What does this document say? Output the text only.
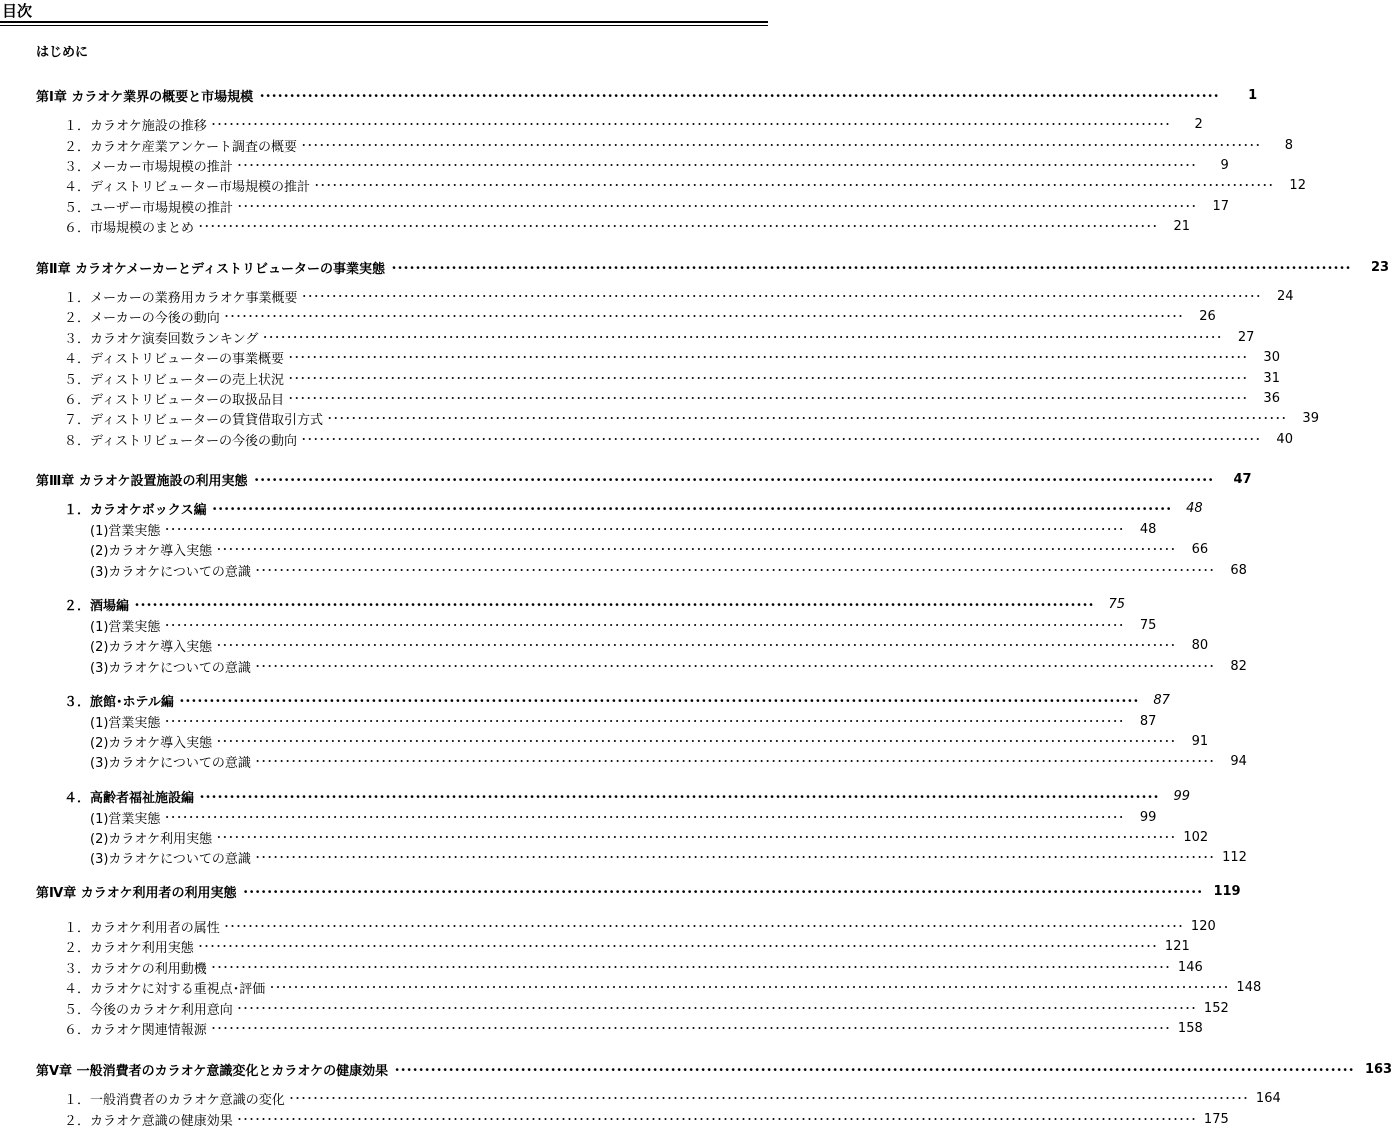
目次
はじめに
第Ⅰ章 カラオケ業界の概要と市場規模 ････････････････････････････････････････････････････････････････････････････････････････････････････････････････････････････････････････････････････････････････	1
１．カラオケ施設の推移 ････････････････････････････････････････････････････････････････････････････････････････････････････････････････････････････････････････････････････････････････	2
２．カラオケ産業アンケート調査の概要 ････････････････････････････････････････････････････････････････････････････････････････････････････････････････････････････････････････････････････････････････	8
３．メーカー市場規模の推計 ････････････････････････････････････････････････････････････････････････････････････････････････････････････････････････････････････････････････････････････････	9
４．ディストリビューター市場規模の推計 ････････････････････････････････････････････････････････････････････････････････････････････････････････････････････････････････････････････････････････････････	12
５．ユーザー市場規模の推計 ････････････････････････････････････････････････････････････････････････････････････････････････････････････････････････････････････････････････････････････････	17
６．市場規模のまとめ ････････････････････････････････････････････････････････････････････････････････････････････････････････････････････････････････････････････････････････････････	21
第Ⅱ章 カラオケメーカーとディストリビューターの事業実態 ････････････････････････････････････････････････････････････････････････････････････････････････････････････････････････････････････････････････････････････････	23
１．メーカーの業務用カラオケ事業概要 ････････････････････････････････････････････････････････････････････････････････････････････････････････････････････････････････････････････････････････････････	24
２．メーカーの今後の動向 ････････････････････････････････････････････････････････････････････････････････････････････････････････････････････････････････････････････････････････････････	26
３．カラオケ演奏回数ランキング ････････････････････････････････････････････････････････････････････････････････････････････････････････････････････････････････････････････････････････････････	27
４．ディストリビューターの事業概要 ････････････････････････････････････････････････････････････････････････････････････････････････････････････････････････････････････････････････････････････････	30
５．ディストリビューターの売上状況 ････････････････････････････････････････････････････････････････････････････････････････････････････････････････････････････････････････････････････････････････	31
６．ディストリビューターの取扱品目 ････････････････････････････････････････････････････････････････････････････････････････････････････････････････････････････････････････････････････････････････	36
７．ディストリビューターの賃貸借取引方式 ････････････････････････････････････････････････････････････････････････････････････････････････････････････････････････････････････････････････････････････････	39
８．ディストリビューターの今後の動向 ････････････････････････････････････････････････････････････････････････････････････････････････････････････････････････････････････････････････････････････････	40
第Ⅲ章 カラオケ設置施設の利用実態 ････････････････････････････････････････････････････････････････････････････････････････････････････････････････････････････････････････････････････････････････	47
１．カラオケボックス編 ････････････････････････････････････････････････････････････････････････････････････････････････････････････････････････････････････････････････････････････････	48
(1)営業実態 ････････････････････････････････････････････････････････････････････････････････････････････････････････････････････････････････････････････････････････････････	48
(2)カラオケ導入実態 ････････････････････････････････････････････････････････････････････････････････････････････････････････････････････････････････････････････････････････････････	66
(3)カラオケについての意識 ････････････････････････････････････････････････････････････････････････････････････････････････････････････････････････････････････････････････････････････････	68
２．酒場編 ････････････････････････････････････････････････････････････････････････････････････････････････････････････････････････････････････････････････････････････････	75
(1)営業実態 ････････････････････････････････････････････････････････････････････････････････････････････････････････････････････････････････････････････････････････････････	75
(2)カラオケ導入実態 ････････････････････････････････････････････････････････････････････････････････････････････････････････････････････････････････････････････････････････････････	80
(3)カラオケについての意識 ････････････････････････････････････････････････････････････････････････････････････････････････････････････････････････････････････････････････････････････････	82
３．旅館･ホテル編 ････････････････････････････････････････････････････････････････････････････････････････････････････････････････････････････････････････････････････････････････	87
(1)営業実態 ････････････････････････････････････････････････････････････････････････････････････････････････････････････････････････････････････････････････････････････････	87
(2)カラオケ導入実態 ････････････････････････････････････････････････････････････････････････････････････････････････････････････････････････････････････････････････････････････････	91
(3)カラオケについての意識 ････････････････････････････････････････････････････････････････････････････････････････････････････････････････････････････････････････････････････････････････	94
４．高齢者福祉施設編 ････････････････････････････････････････････････････････････････････････････････････････････････････････････････････････････････････････････････････････････････	99
(1)営業実態 ････････････････････････････････････････････････････････････････････････････････････････････････････････････････････････････････････････････････････････････････	99
(2)カラオケ利用実態 ････････････････････････････････････････････････････････････････････････････････････････････････････････････････････････････････････････････････････････････････ 102
(3)カラオケについての意識 ････････････････････････････････････････････････････････････････････････････････････････････････････････････････････････････････････････････････････････････････ 112
第Ⅳ章 カラオケ利用者の利用実態 ････････････････････････････････････････････････････････････････････････････････････････････････････････････････････････････････････････････････････････････････ 119
１．カラオケ利用者の属性 ････････････････････････････････････････････････････････････････････････････････････････････････････････････････････････････････････････････････････････････････ 120
２．カラオケ利用実態 ････････････････････････････････････････････････････････････････････････････････････････････････････････････････････････････････････････････････････････････････ 121
３．カラオケの利用動機 ････････････････････････････････････････････････････････････････････････････････････････････････････････････････････････････････････････････････････････････････ 146
４．カラオケに対する重視点･評価 ････････････････････････････････････････････････････････････････････････････････････････････････････････････････････････････････････････････････････････････････ 148
５．今後のカラオケ利用意向 ････････････････････････････････････････････････････････････････････････････････････････････････････････････････････････････････････････････････････････････････ 152
６．カラオケ関連情報源 ････････････････････････････････････････････････････････････････････････････････････････････････････････････････････････････････････････････････････････････････ 158
第Ⅴ章 一般消費者のカラオケ意識変化とカラオケの健康効果 ････････････････････････････････････････････････････････････････････････････････････････････････････････････････････････････････････････････････････････････････ 163
１．一般消費者のカラオケ意識の変化 ････････････････････････････････････････････････････････････････････････････････････････････････････････････････････････････････････････････････････････････････ 164
２．カラオケ意識の健康効果 ････････････････････････････････････････････････････････････････････････････････････････････････････････････････････････････････････････････････････････････････ 175
